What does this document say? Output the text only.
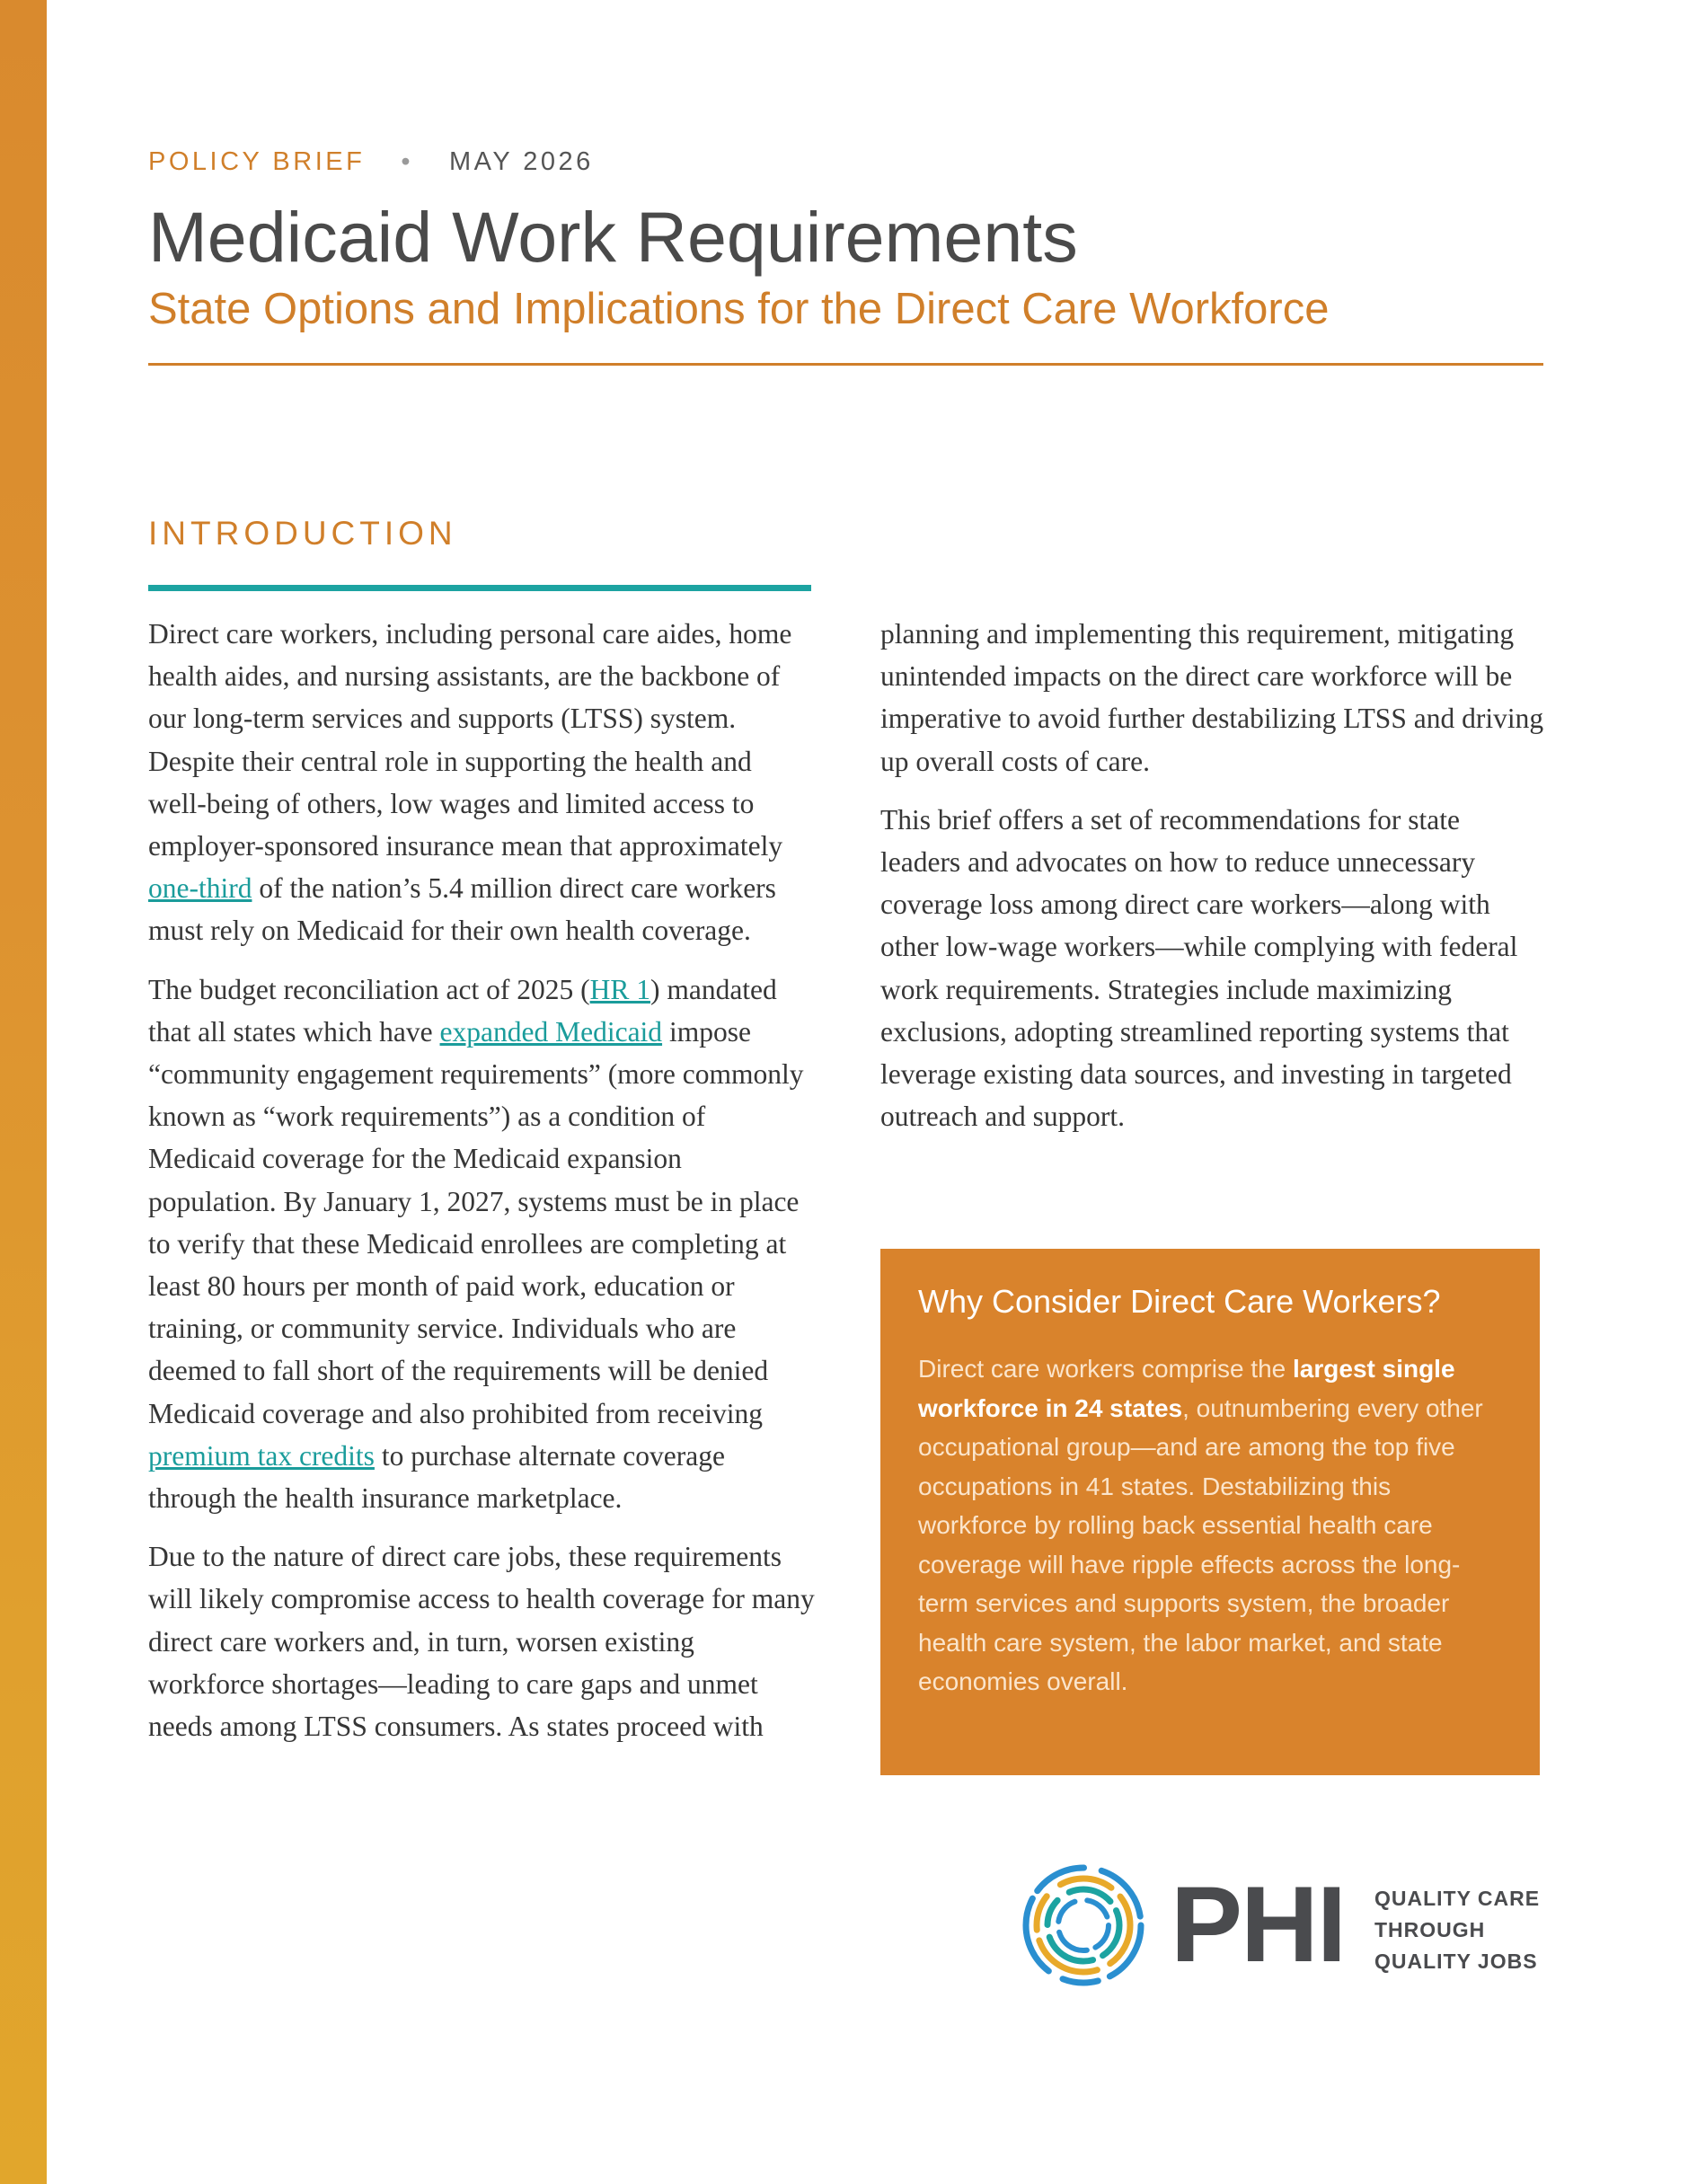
POLICY BRIEF • MAY 2026
Medicaid Work Requirements
State Options and Implications for the Direct Care Workforce
INTRODUCTION

Direct care workers, including personal care aides, home health aides, and nursing assistants, are the backbone of our long-term services and supports (LTSS) system. Despite their central role in supporting the health and well-being of others, low wages and limited access to employer-sponsored insurance mean that approximately one-third of the nation’s 5.4 million direct care workers must rely on Medicaid for their own health coverage.

The budget reconciliation act of 2025 (HR 1) mandated that all states which have expanded Medicaid impose “community engagement requirements” (more commonly known as “work requirements”) as a condition of Medicaid coverage for the Medicaid expansion population. By January 1, 2027, systems must be in place to verify that these Medicaid enrollees are completing at least 80 hours per month of paid work, education or training, or community service. Individuals who are deemed to fall short of the requirements will be denied Medicaid coverage and also prohibited from receiving premium tax credits to purchase alternate coverage through the health insurance marketplace.

Due to the nature of direct care jobs, these requirements will likely compromise access to health coverage for many direct care workers and, in turn, worsen existing workforce shortages—leading to care gaps and unmet needs among LTSS consumers. As states proceed with

planning and implementing this requirement, mitigating unintended impacts on the direct care workforce will be imperative to avoid further destabilizing LTSS and driving up overall costs of care.

This brief offers a set of recommendations for state leaders and advocates on how to reduce unnecessary coverage loss among direct care workers—along with other low-wage workers—while complying with federal work requirements. Strategies include maximizing exclusions, adopting streamlined reporting systems that leverage existing data sources, and investing in targeted outreach and support.

Why Consider Direct Care Workers?
Direct care workers comprise the largest single workforce in 24 states, outnumbering every other occupational group—and are among the top five occupations in 41 states. Destabilizing this workforce by rolling back essential health care coverage will have ripple effects across the long-term services and supports system, the broader health care system, the labor market, and state economies overall.
PHI QUALITY CARE
THROUGH
QUALITY JOBS
